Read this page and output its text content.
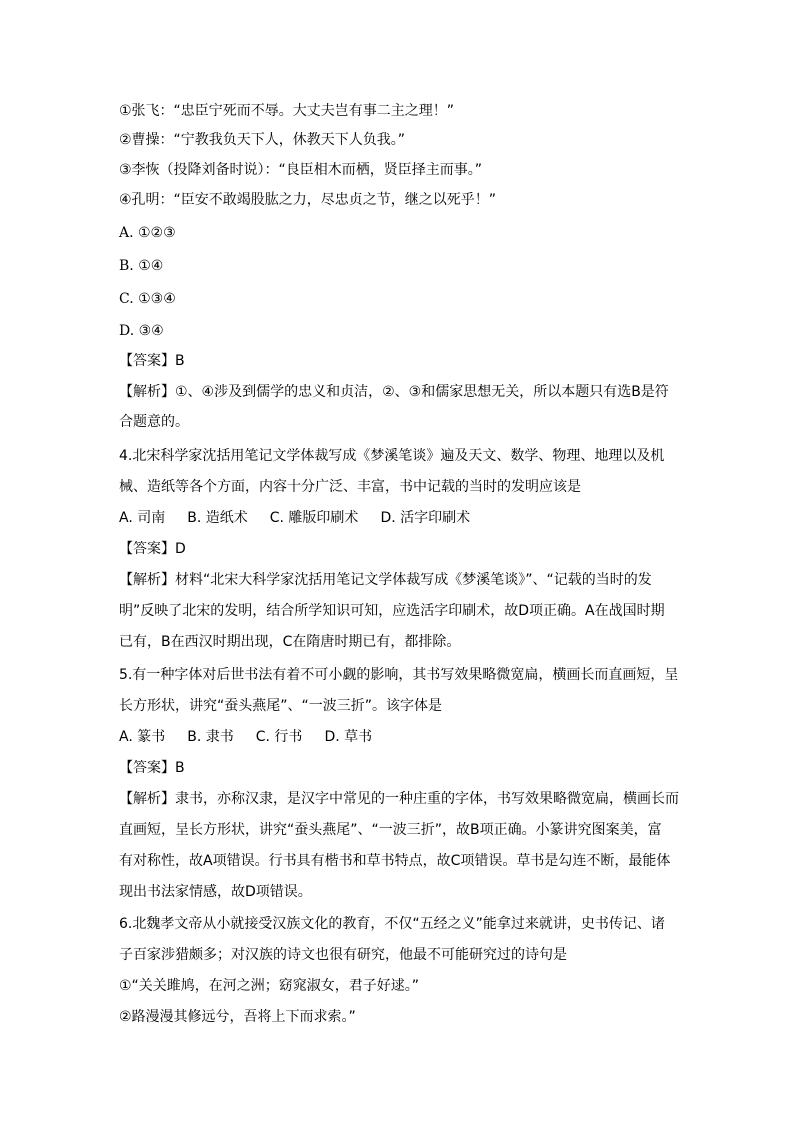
①张飞：“忠臣宁死而不辱。大丈夫岂有事二主之理！”
②曹操：“宁教我负天下人，休教天下人负我。”
③李恢（投降刘备时说）：“良臣相木而栖，贤臣择主而事。”
④孔明：“臣安不敢竭股肱之力，尽忠贞之节，继之以死乎！”
A. ①②③
B. ①④
C. ①③④
D. ③④
【答案】B
【解析】①、④涉及到儒学的忠义和贞洁，②、③和儒家思想无关，所以本题只有选B是符
合题意的。
4.北宋科学家沈括用笔记文学体裁写成《梦溪笔谈》遍及天文、数学、物理、地理以及机
械、造纸等各个方面，内容十分广泛、丰富，书中记载的当时的发明应该是
A. 司南 B. 造纸术 C. 雕版印刷术 D. 活字印刷术
【答案】D
【解析】材料“北宋大科学家沈括用笔记文学体裁写成《梦溪笔谈》”、“记载的当时的发
明”反映了北宋的发明，结合所学知识可知，应选活字印刷术，故D项正确。A在战国时期
已有，B在西汉时期出现，C在隋唐时期已有，都排除。
5.有一种字体对后世书法有着不可小觑的影响，其书写效果略微宽扁，横画长而直画短，呈
长方形状，讲究“蚕头燕尾”、“一波三折”。该字体是
A. 篆书 B. 隶书 C. 行书 D. 草书
【答案】B
【解析】隶书，亦称汉隶，是汉字中常见的一种庄重的字体，书写效果略微宽扁，横画长而
直画短，呈长方形状，讲究“蚕头燕尾”、“一波三折”，故B项正确。小篆讲究图案美，富
有对称性，故A项错误。行书具有楷书和草书特点，故C项错误。草书是勾连不断，最能体
现出书法家情感，故D项错误。
6.北魏孝文帝从小就接受汉族文化的教育，不仅“五经之义”能拿过来就讲，史书传记、诸
子百家涉猎颇多；对汉族的诗文也很有研究，他最不可能研究过的诗句是
①“关关雎鸠，在河之洲；窈窕淑女，君子好逑。”
②路漫漫其修远兮，吾将上下而求索。”
